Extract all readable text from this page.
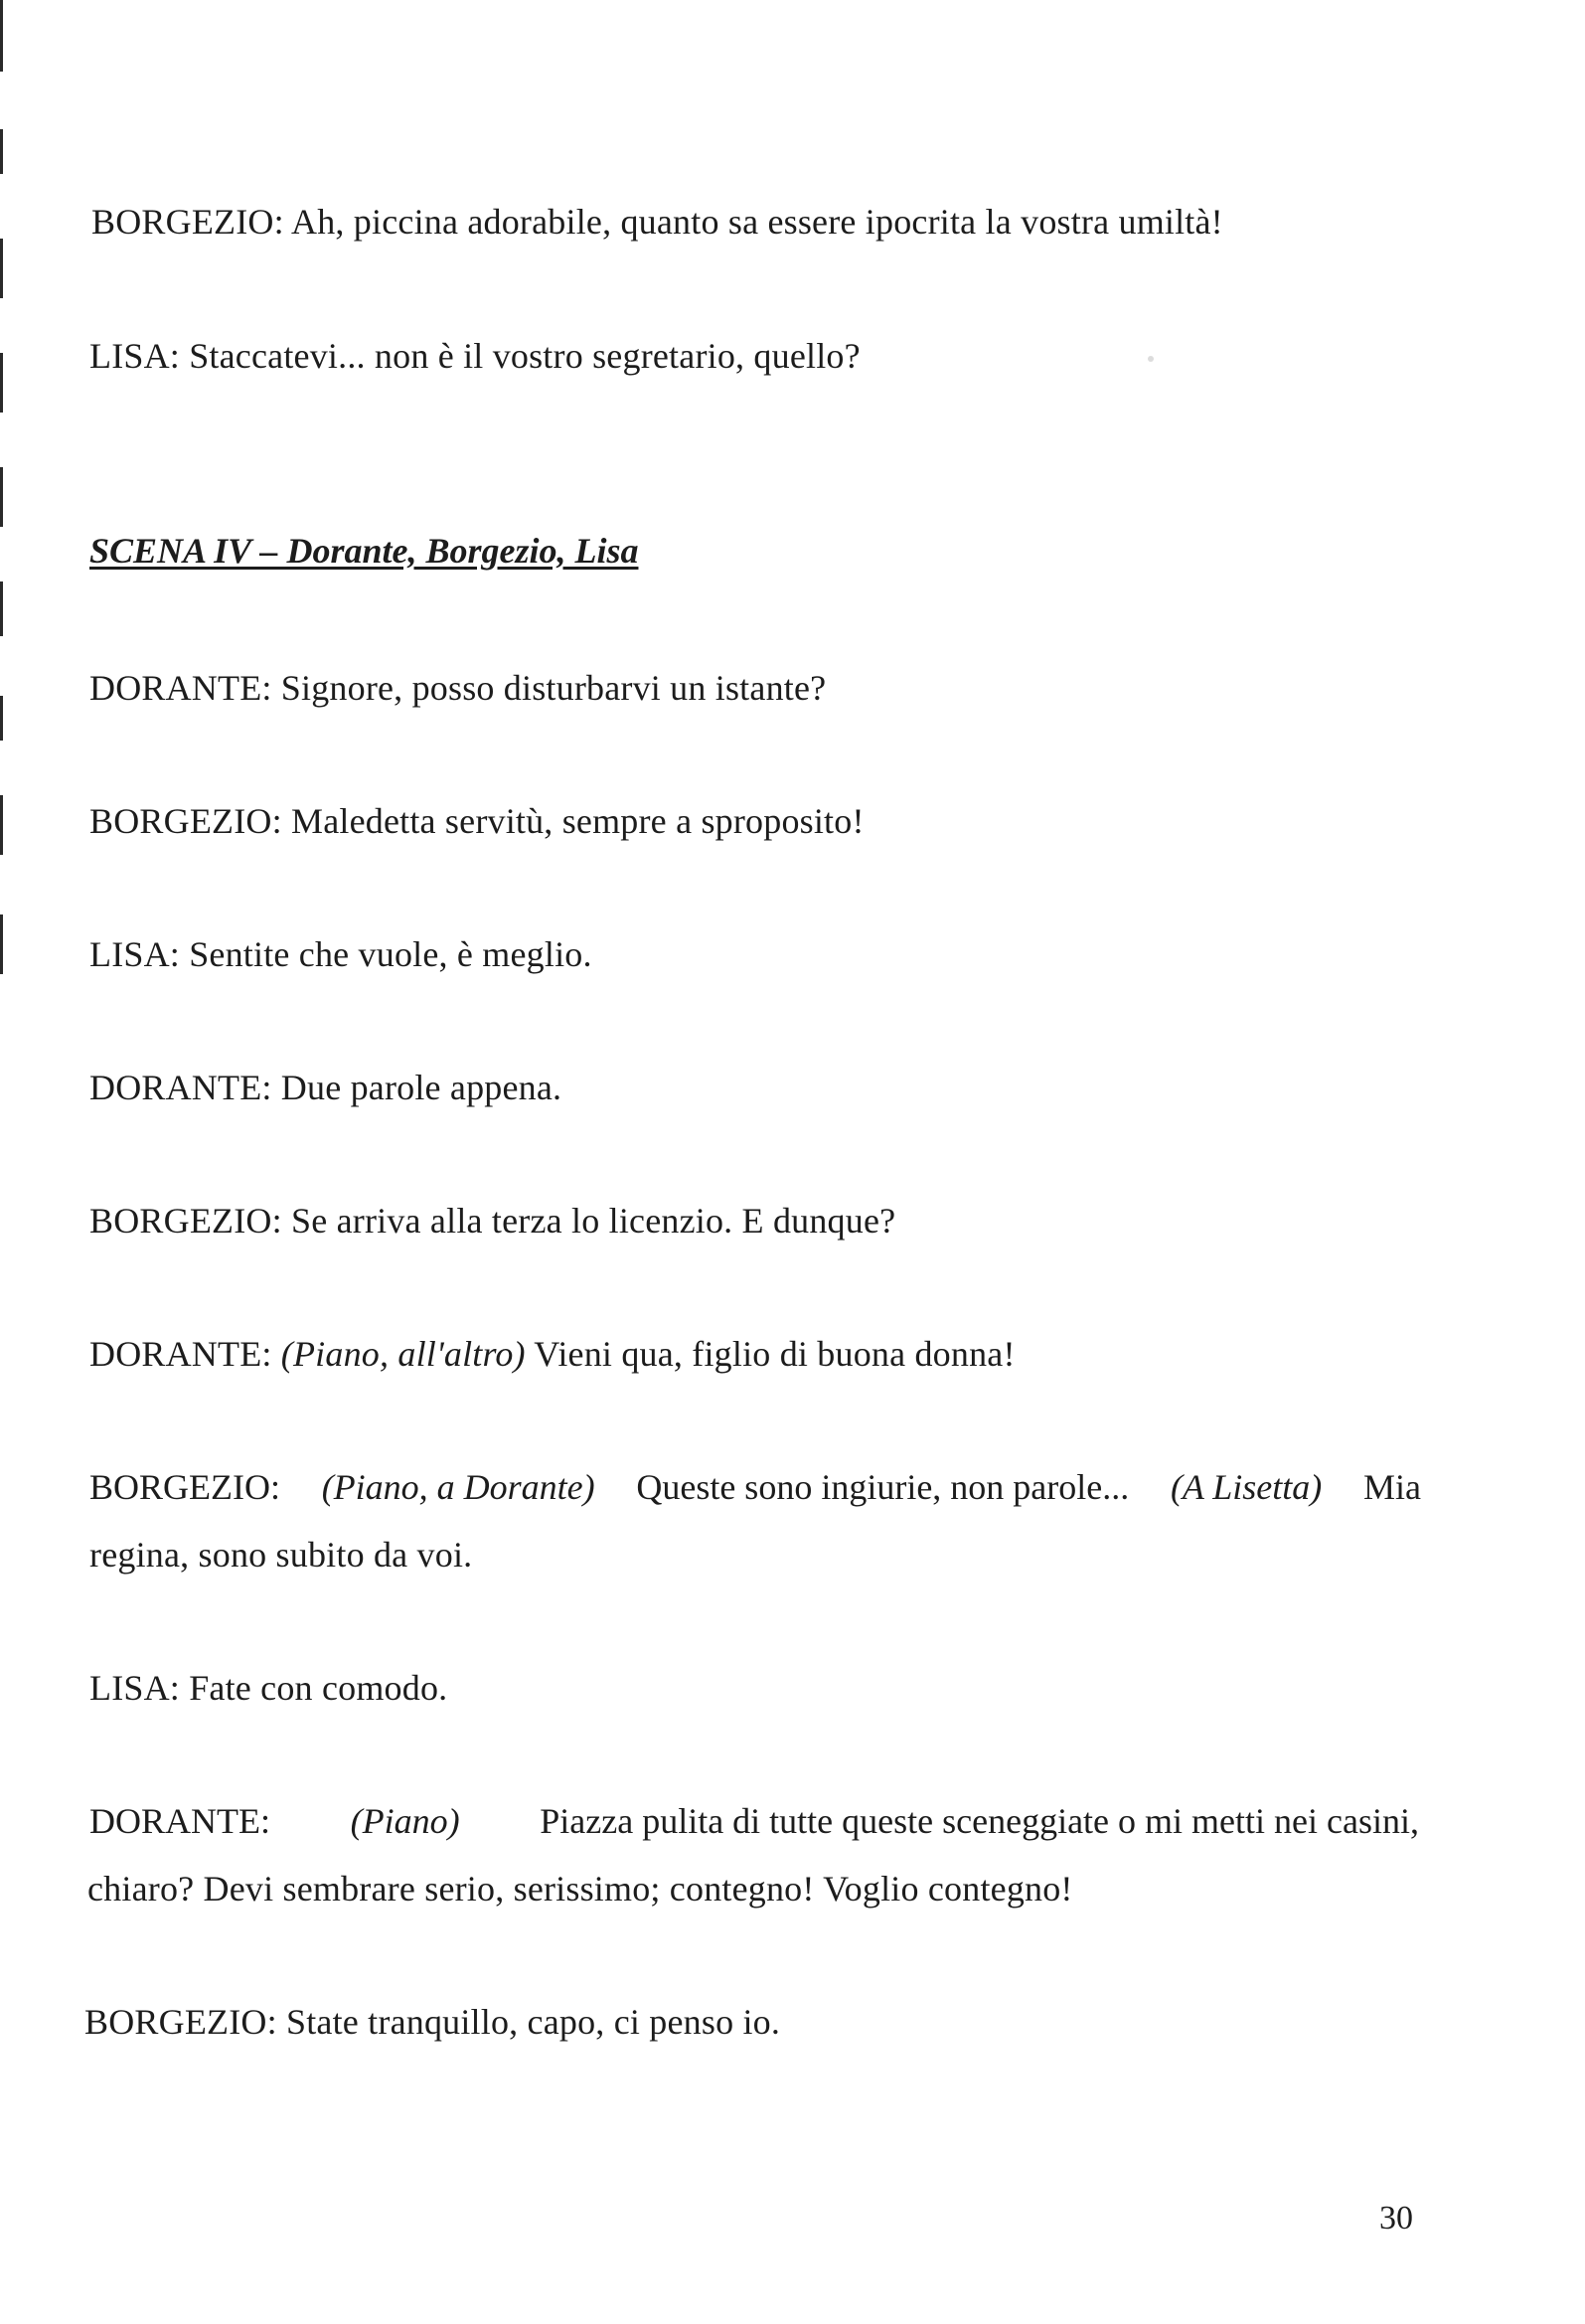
BORGEZIO: Ah, piccina adorabile, quanto sa essere ipocrita la vostra umiltà!
LISA: Staccatevi... non è il vostro segretario, quello?
SCENA IV – Dorante, Borgezio, Lisa
DORANTE: Signore, posso disturbarvi un istante?
BORGEZIO: Maledetta servitù, sempre a sproposito!
LISA: Sentite che vuole, è meglio.
DORANTE: Due parole appena.
BORGEZIO: Se arriva alla terza lo licenzio. E dunque?
DORANTE: (Piano, all'altro) Vieni qua, figlio di buona donna!
BORGEZIO: (Piano, a Dorante) Queste sono ingiurie, non parole... (A Lisetta) Mia
regina, sono subito da voi.
LISA: Fate con comodo.
DORANTE: (Piano) Piazza pulita di tutte queste sceneggiate o mi metti nei casini,
chiaro? Devi sembrare serio, serissimo; contegno! Voglio contegno!
BORGEZIO: State tranquillo, capo, ci penso io.
30
